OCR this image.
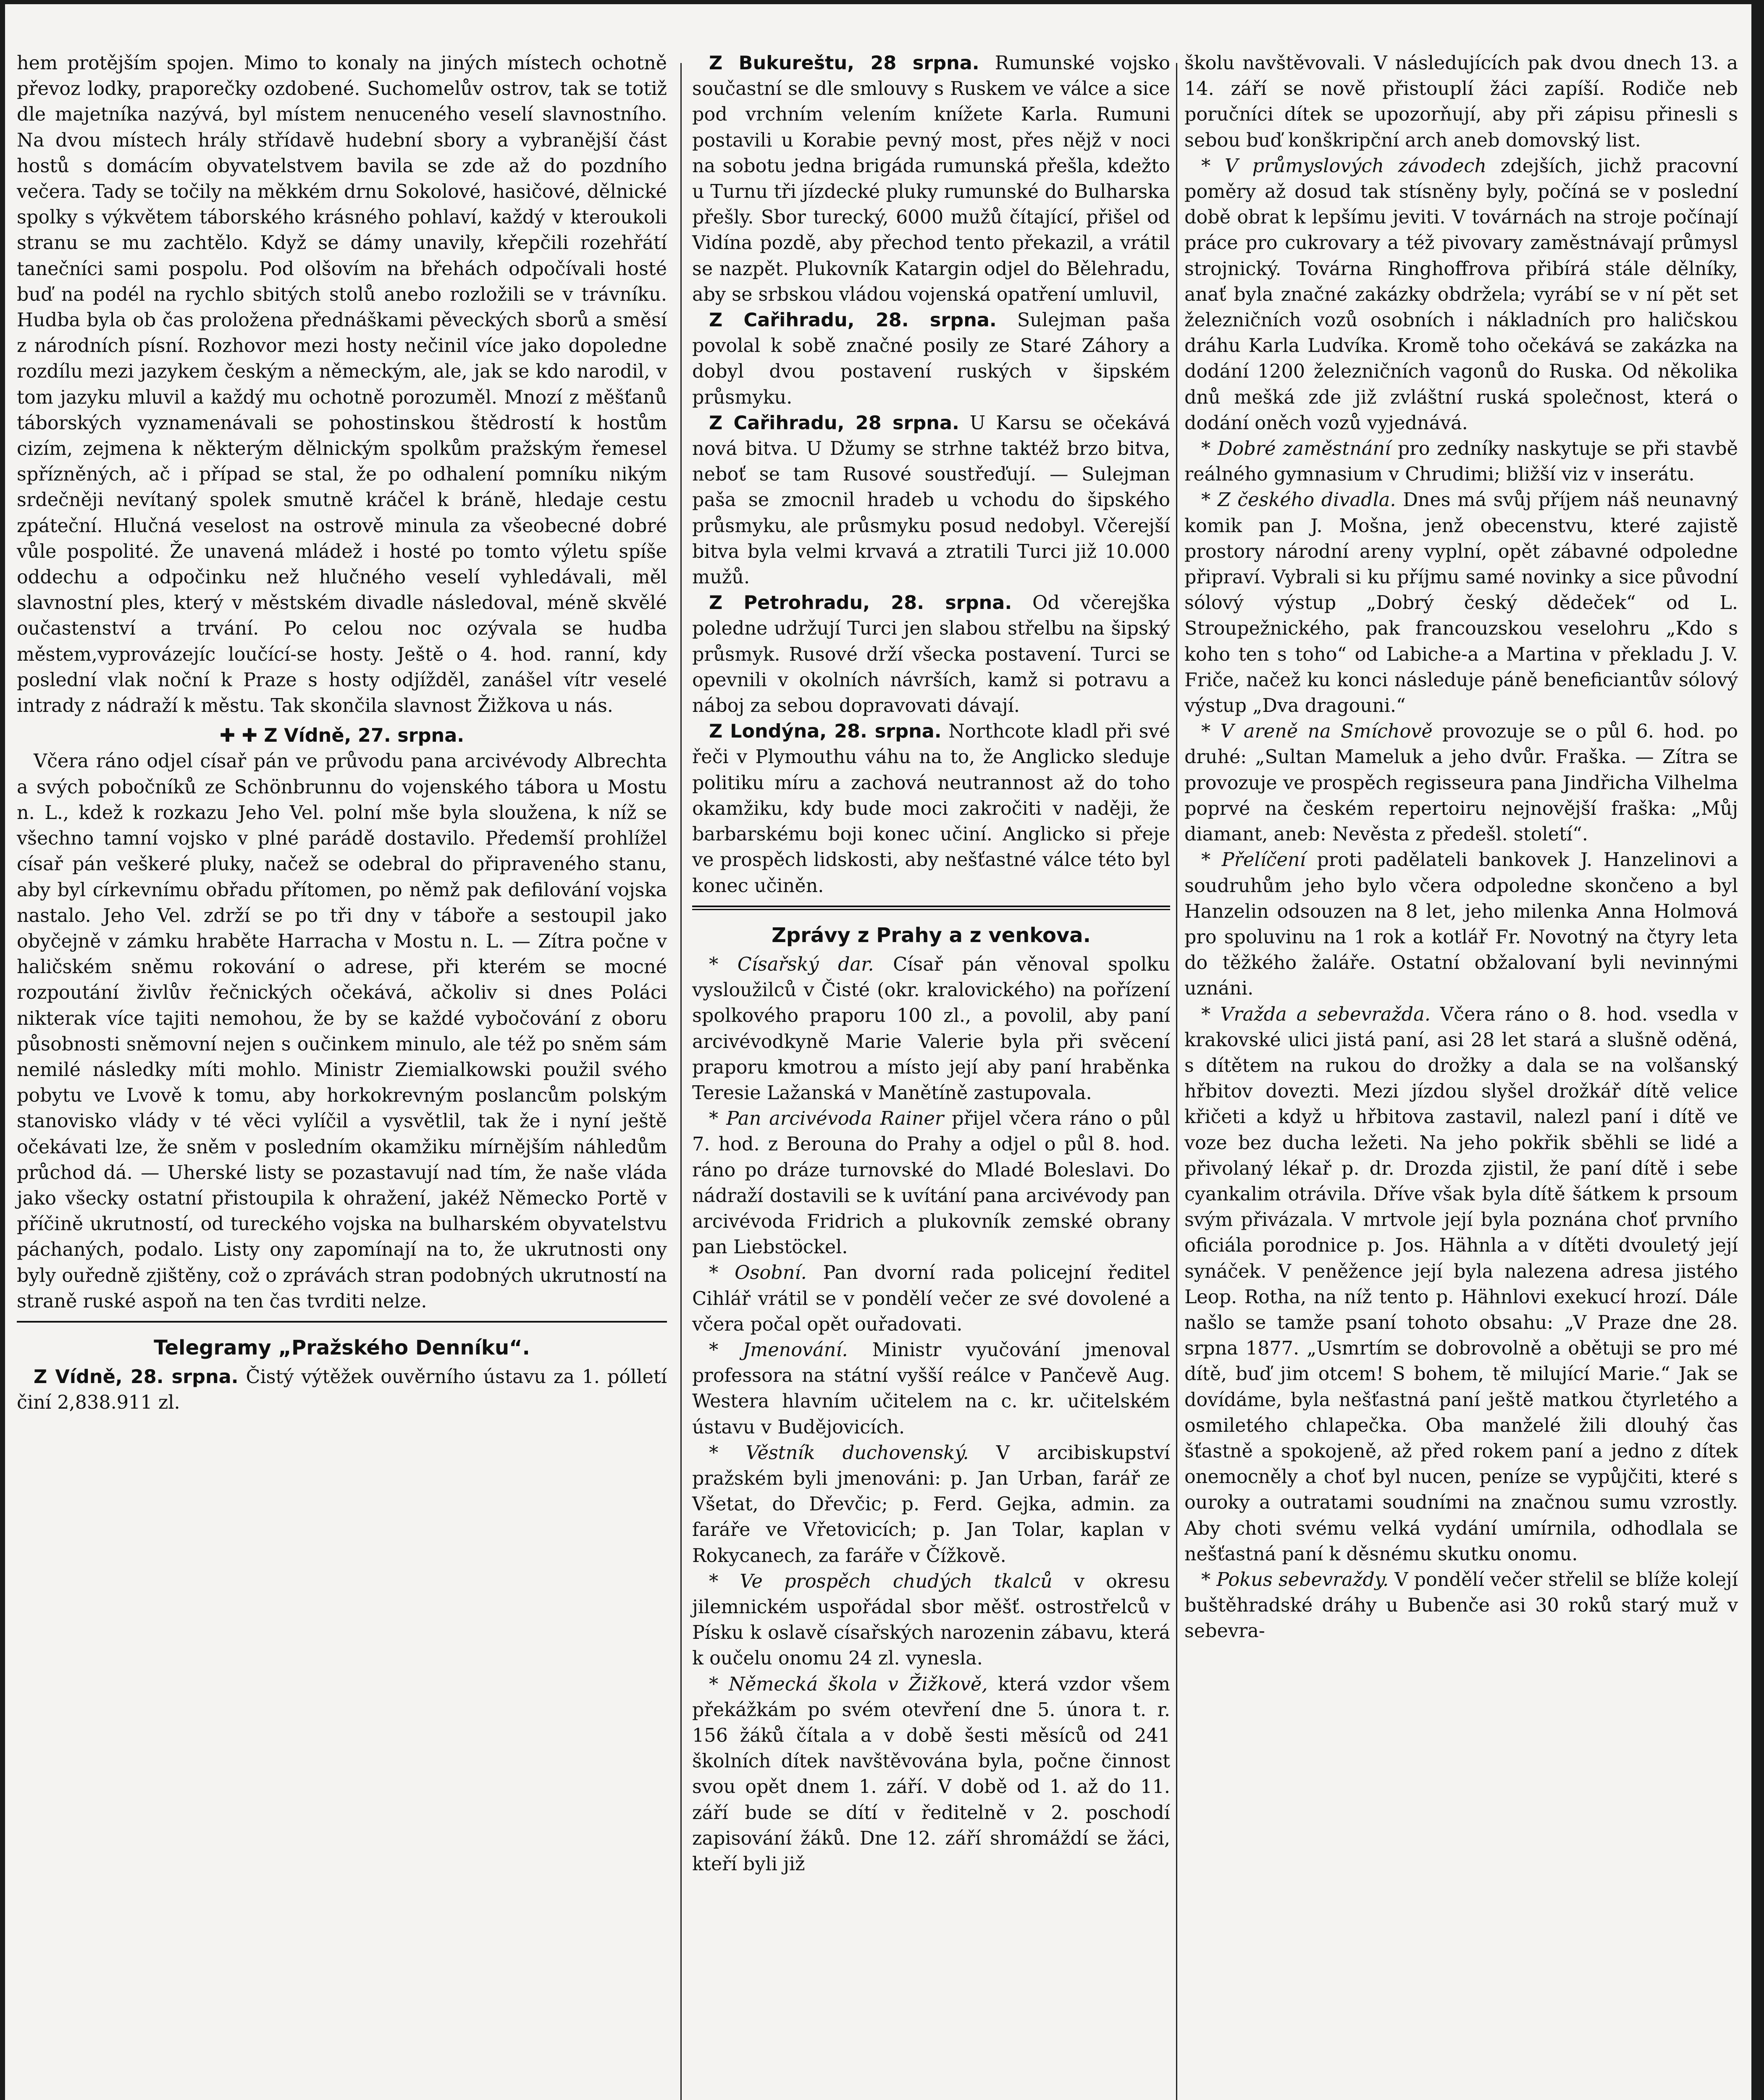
hem protějším spojen. Mimo to konaly na jiných místech ochotně převoz lodky, praporečky ozdobené. Suchomelův ostrov, tak se totiž dle majetníka nazývá, byl místem nenuceného veselí slavnostního. Na dvou místech hrály střídavě hudební sbory a vybranější část hostů s domácím obyvatelstvem bavila se zde až do pozdního večera. Tady se točily na měkkém drnu Sokolové, hasičové, dělnické spolky s výkvětem táborského krásného pohlaví, každý v kteroukoli stranu se mu zachtělo. Když se dámy unavily, křepčili rozehřátí tanečníci sami pospolu. Pod olšovím na břehách odpočívali hosté buď na podél na rychlo sbitých stolů anebo rozložili se v trávníku. Hudba byla ob čas proložena přednáškami pěveckých sborů a směsí z národních písní. Rozhovor mezi hosty nečinil více jako dopoledne rozdílu mezi jazykem českým a německým, ale, jak se kdo narodil, v tom jazyku mluvil a každý mu ochotně porozuměl. Mnozí z měšťanů táborských vyznamenávali se pohostinskou štědrostí k hostům cizím, zejmena k některým dělnickým spolkům pražským řemesel spřízněných, ač i případ se stal, že po odhalení pomníku nikým srdečněji nevítaný spolek smutně kráčel k bráně, hledaje cestu zpáteční. Hlučná veselost na ostrově minula za všeobecné dobré vůle pospolité. Že unavená mládež i hosté po tomto výletu spíše oddechu a odpočinku než hlučného veselí vyhledávali, měl slavnostní ples, který v městském divadle následoval, méně skvělé oučastenství a trvání. Po celou noc ozývala se hudba městem,vyprovázejíc loučící-se hosty. Ještě o 4. hod. ranní, kdy poslední vlak noční k Praze s hosty odjížděl, zanášel vítr veselé intrady z nádraží k městu. Tak skončila slavnost Žižkova u nás.

✚ ✚ Z Vídně, 27. srpna.

Včera ráno odjel císař pán ve průvodu pana arcivévody Albrechta a svých pobočníků ze Schönbrunnu do vojenského tábora u Mostu n. L., kdež k rozkazu Jeho Vel. polní mše byla sloužena, k níž se všechno tamní vojsko v plné parádě dostavilo. Předemší prohlížel císař pán veškeré pluky, načež se odebral do připraveného stanu, aby byl církevnímu obřadu přítomen, po němž pak defilování vojska nastalo. Jeho Vel. zdrží se po tři dny v táboře a sestoupil jako obyčejně v zámku hraběte Harracha v Mostu n. L. — Zítra počne v haličském sněmu rokování o adrese, při kterém se mocné rozpoutání živlův řečnických očekává, ačkoliv si dnes Poláci nikterak více tajiti nemohou, že by se každé vybočování z oboru působnosti sněmovní nejen s oučinkem minulo, ale též po sněm sám nemilé následky míti mohlo. Ministr Ziemialkowski použil svého pobytu ve Lvově k tomu, aby horkokrevným poslancům polským stanovisko vlády v té věci vylíčil a vysvětlil, tak že i nyní ještě očekávati lze, že sněm v posledním okamžiku mírnějším náhledům průchod dá. — Uherské listy se pozastavují nad tím, že naše vláda jako všecky ostatní přistoupila k ohražení, jakéž Německo Portě v příčině ukrutností, od tureckého vojska na bulharském obyvatelstvu páchaných, podalo. Listy ony zapomínají na to, že ukrutnosti ony byly ouředně zjištěny, což o zprávách stran podobných ukrutností na straně ruské aspoň na ten čas tvrditi nelze.

Telegramy „Pražského Denníku“.

Z Vídně, 28. srpna. Čistý výtěžek ouvěrního ústavu za 1. pólletí činí 2,838.911 zl.

Z Bukureštu, 28 srpna. Rumunské vojsko součastní se dle smlouvy s Ruskem ve válce a sice pod vrchním velením knížete Karla. Rumuni postavili u Korabie pevný most, přes nějž v noci na sobotu jedna brigáda rumunská přešla, kdežto u Turnu tři jízdecké pluky rumunské do Bulharska přešly. Sbor turecký, 6000 mužů čítající, přišel od Vidína pozdě, aby přechod tento překazil, a vrátil se nazpět. Plukovník Katargin odjel do Bělehradu, aby se srbskou vládou vojenská opatření umluvil,

Z Cařihradu, 28. srpna. Sulejman paša povolal k sobě značné posily ze Staré Záhory a dobyl dvou postavení ruských v šipském průsmyku.

Z Cařihradu, 28 srpna. U Karsu se očekává nová bitva. U Džumy se strhne taktéž brzo bitva, neboť se tam Rusové soustřeďují. — Sulejman paša se zmocnil hradeb u vchodu do šipského průsmyku, ale průsmyku posud nedobyl. Včerejší bitva byla velmi krvavá a ztratili Turci již 10.000 mužů.

Z Petrohradu, 28. srpna. Od včerejška poledne udržují Turci jen slabou střelbu na šipský průsmyk. Rusové drží všecka postavení. Turci se opevnili v okolních návrších, kamž si potravu a náboj za sebou dopravovati dávají.

Z Londýna, 28. srpna. Northcote kladl při své řeči v Plymouthu váhu na to, že Anglicko sleduje politiku míru a zachová neutrannost až do toho okamžiku, kdy bude moci zakročiti v naději, že barbarskému boji konec učiní. Anglicko si přeje ve prospěch lidskosti, aby nešťastné válce této byl konec učiněn.

Zprávy z Prahy a z venkova.

* Císařský dar. Císař pán věnoval spolku vysloužilců v Čisté (okr. kralovického) na pořízení spolkového praporu 100 zl., a povolil, aby paní arcivévodkyně Marie Valerie byla při svěcení praporu kmotrou a místo její aby paní hraběnka Teresie Lažanská v Manětíně zastupovala.

* Pan arcivévoda Rainer přijel včera ráno o půl 7. hod. z Berouna do Prahy a odjel o půl 8. hod. ráno po dráze turnovské do Mladé Boleslavi. Do nádraží dostavili se k uvítání pana arcivévody pan arcivévoda Fridrich a plukovník zemské obrany pan Liebstöckel.

* Osobní. Pan dvorní rada policejní ředitel Cihlář vrátil se v pondělí večer ze své dovolené a včera počal opět ouřadovati.

* Jmenování. Ministr vyučování jmenoval professora na státní vyšší reálce v Pančevě Aug. Westera hlavním učitelem na c. kr. učitelském ústavu v Budějovicích.

* Věstník duchovenský. V arcibiskupství pražském byli jmenováni: p. Jan Urban, farář ze Všetat, do Dřevčic; p. Ferd. Gejka, admin. za faráře ve Vřetovicích; p. Jan Tolar, kaplan v Rokycanech, za faráře v Čížkově.

* Ve prospěch chudých tkalců v okresu jilemnickém uspořádal sbor měšť. ostrostřelců v Písku k oslavě císařských narozenin zábavu, která k oučelu onomu 24 zl. vynesla.

* Německá škola v Žižkově, která vzdor všem překážkám po svém otevření dne 5. února t. r. 156 žáků čítala a v době šesti měsíců od 241 školních dítek navštěvována byla, počne činnost svou opět dnem 1. září. V době od 1. až do 11. září bude se dítí v ředitelně v 2. poschodí zapisování žáků. Dne 12. září shromáždí se žáci, kteří byli již

školu navštěvovali. V následujících pak dvou dnech 13. a 14. září se nově přistouplí žáci zapíší. Rodiče neb poručníci dítek se upozorňují, aby při zápisu přinesli s sebou buď konškripční arch aneb domovský list.

* V průmyslových závodech zdejších, jichž pracovní poměry až dosud tak stísněny byly, počíná se v poslední době obrat k lepšímu jeviti. V továrnách na stroje počínají práce pro cukrovary a též pivovary zaměstnávají průmysl strojnický. Továrna Ringhoffrova přibírá stále dělníky, anať byla značné zakázky obdržela; vyrábí se v ní pět set železničních vozů osobních i nákladních pro haličskou dráhu Karla Ludvíka. Kromě toho očekává se zakázka na dodání 1200 železničních vagonů do Ruska. Od několika dnů mešká zde již zvláštní ruská společnost, která o dodání oněch vozů vyjednává.

* Dobré zaměstnání pro zedníky naskytuje se při stavbě reálného gymnasium v Chrudimi; bližší viz v inserátu.

* Z českého divadla. Dnes má svůj příjem náš neunavný komik pan J. Mošna, jenž obecenstvu, které zajistě prostory národní areny vyplní, opět zábavné odpoledne připraví. Vybrali si ku příjmu samé novinky a sice původní sólový výstup „Dobrý český dědeček“ od L. Stroupežnického, pak francouzskou veselohru „Kdo s koho ten s toho“ od Labiche-a a Martina v překladu J. V. Friče, načež ku konci následuje páně beneficiantův sólový výstup „Dva dragouni.“

* V areně na Smíchově provozuje se o půl 6. hod. po druhé: „Sultan Mameluk a jeho dvůr. Fraška. — Zítra se provozuje ve prospěch regisseura pana Jindřicha Vilhelma poprvé na českém repertoiru nejnovější fraška: „Můj diamant, aneb: Nevěsta z předešl. století“.

* Přelíčení proti padělateli bankovek J. Hanzelinovi a soudruhům jeho bylo včera odpoledne skončeno a byl Hanzelin odsouzen na 8 let, jeho milenka Anna Holmová pro spoluvinu na 1 rok a kotlář Fr. Novotný na čtyry leta do těžkého žaláře. Ostatní obžalovaní byli nevinnými uznáni.

* Vražda a sebevražda. Včera ráno o 8. hod. vsedla v krakovské ulici jistá paní, asi 28 let stará a slušně oděná, s dítětem na rukou do drožky a dala se na volšanský hřbitov dovezti. Mezi jízdou slyšel drožkář dítě velice křičeti a když u hřbitova zastavil, nalezl paní i dítě ve voze bez ducha ležeti. Na jeho pokřik sběhli se lidé a přivolaný lékař p. dr. Drozda zjistil, že paní dítě i sebe cyankalim otrávila. Dříve však byla dítě šátkem k prsoum svým přivázala. V mrtvole její byla poznána choť prvního oficiála porodnice p. Jos. Hähnla a v dítěti dvouletý její synáček. V peněžence její byla nalezena adresa jistého Leop. Rotha, na níž tento p. Hähnlovi exekucí hrozí. Dále našlo se tamže psaní tohoto obsahu: „V Praze dne 28. srpna 1877. „Usmrtím se dobrovolně a obětuji se pro mé dítě, buď jim otcem! S bohem, tě milující Marie.“ Jak se dovídáme, byla nešťastná paní ještě matkou čtyrletého a osmiletého chlapečka. Oba manželé žili dlouhý čas šťastně a spokojeně, až před rokem paní a jedno z dítek onemocněly a choť byl nucen, peníze se vypůjčiti, které s ouroky a outratami soudními na značnou sumu vzrostly. Aby choti svému velká vydání umírnila, odhodlala se nešťastná paní k děsnému skutku onomu.

* Pokus sebevraždy. V pondělí večer střelil se blíže kolejí buštěhradské dráhy u Bubenče asi 30 roků starý muž v sebevra-
